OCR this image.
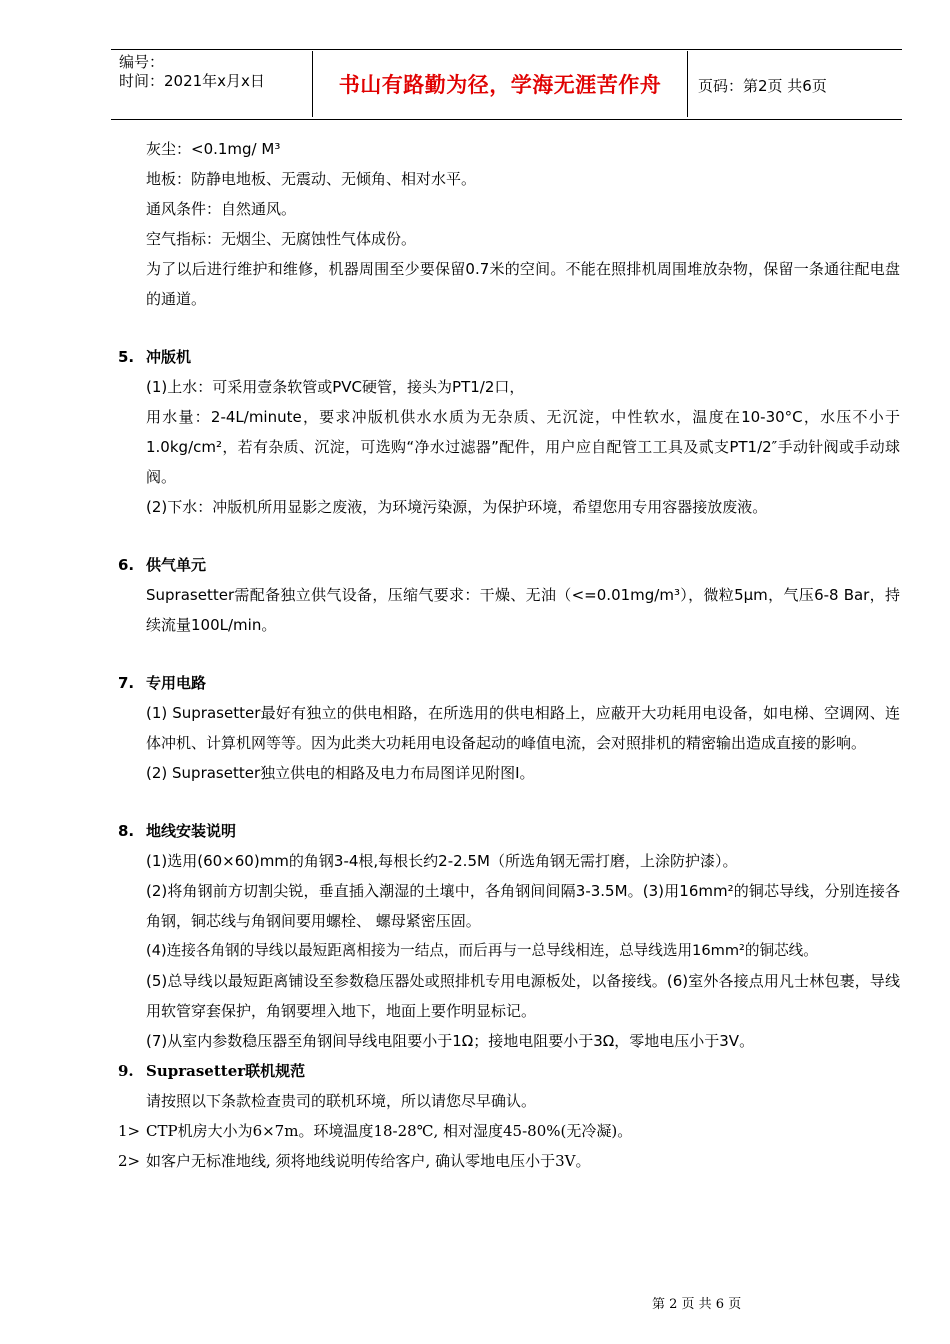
编号：
时间：2021年x月x日	书山有路勤为径，学海无涯苦作舟	页码：第2页 共6页

灰尘：<0.1mg/ M³

地板：防静电地板、无震动、无倾角、相对水平。

通风条件：自然通风。

空气指标：无烟尘、无腐蚀性气体成份。

为了以后进行维护和维修，机器周围至少要保留0.7米的空间。不能在照排机周围堆放杂物，保留一条通往配电盘的通道。

5. 冲版机

(1)上水：可采用壹条软管或PVC硬管，接头为PT1/2口，

用水量：2-4L/minute，要求冲版机供水水质为无杂质、无沉淀，中性软水，温度在10-30°C，水压不小于1.0kg/cm²，若有杂质、沉淀，可选购“净水过滤器”配件，用户应自配管工工具及贰支PT1/2″手动针阀或手动球阀。

(2)下水：冲版机所用显影之废液，为环境污染源，为保护环境，希望您用专用容器接放废液。

6. 供气单元

Suprasetter需配备独立供气设备，压缩气要求：干燥、无油（<=0.01mg/m³），微粒5μm，气压6-8 Bar，持续流量100L/min。

7. 专用电路

(1) Suprasetter最好有独立的供电相路，在所选用的供电相路上，应蔽开大功耗用电设备，如电梯、空调网、连体冲机、计算机网等等。因为此类大功耗用电设备起动的峰值电流，会对照排机的精密输出造成直接的影响。

(2) Suprasetter独立供电的相路及电力布局图详见附图I。

8. 地线安装说明

(1)选用(60×60)mm的角钢3-4根,每根长约2-2.5M（所选角钢无需打磨，上涂防护漆）。

(2)将角钢前方切割尖锐，垂直插入潮湿的土壤中，各角钢间间隔3-3.5M。(3)用16mm²的铜芯导线，分别连接各角钢，铜芯线与角钢间要用螺栓、 螺母紧密压固。

(4)连接各角钢的导线以最短距离相接为一结点，而后再与一总导线相连，总导线选用16mm²的铜芯线。

(5)总导线以最短距离铺设至参数稳压器处或照排机专用电源板处，以备接线。(6)室外各接点用凡士林包裹，导线用软管穿套保护，角钢要埋入地下，地面上要作明显标记。

(7)从室内参数稳压器至角钢间导线电阻要小于1Ω；接地电阻要小于3Ω，零地电压小于3V。

9. Suprasetter联机规范

请按照以下条款检查贵司的联机环境，所以请您尽早确认。

1> CTP机房大小为6×7m。环境温度18-28℃, 相对湿度45-80%(无冷凝)。
2> 如客户无标准地线, 须将地线说明传给客户, 确认零地电压小于3V。
第 2 页 共 6 页
